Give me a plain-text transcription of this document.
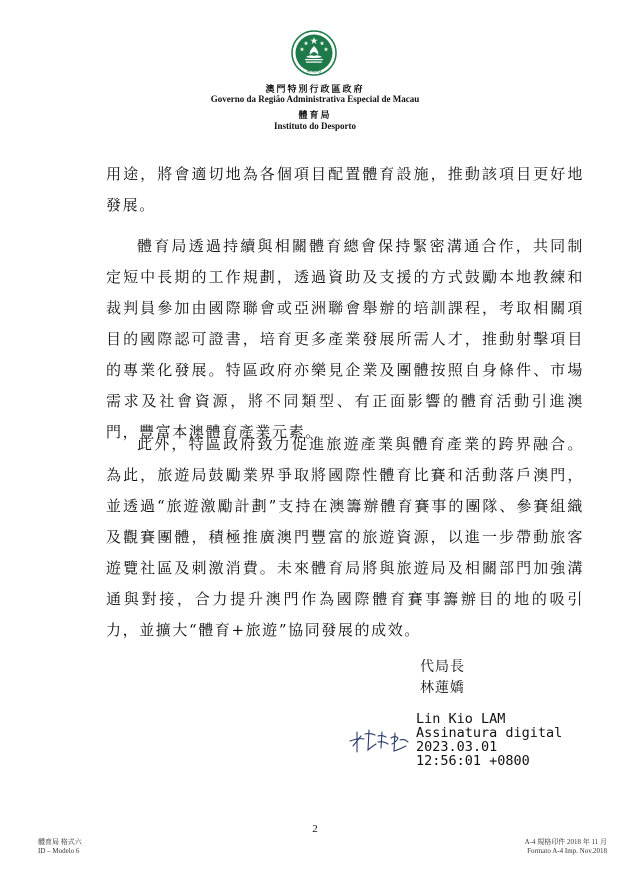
MACAU
澳門特別行政區政府
Governo da Região Administrativa Especial de Macau
體育局
Instituto do Desporto

用途，將會適切地為各個項目配置體育設施，推動該項目更好地發展。

體育局透過持續與相關體育總會保持緊密溝通合作，共同制定短中長期的工作規劃，透過資助及支援的方式鼓勵本地教練和裁判員參加由國際聯會或亞洲聯會舉辦的培訓課程，考取相關項目的國際認可證書，培育更多產業發展所需人才，推動射擊項目的專業化發展。特區政府亦樂見企業及團體按照自身條件、市場需求及社會資源，將不同類型、有正面影響的體育活動引進澳門，豐富本澳體育產業元素。

此外，特區政府致力促進旅遊產業與體育產業的跨界融合。為此，旅遊局鼓勵業界爭取將國際性體育比賽和活動落戶澳門，並透過“旅遊激勵計劃”支持在澳籌辦體育賽事的團隊、參賽組織及觀賽團體，積極推廣澳門豐富的旅遊資源，以進一步帶動旅客遊覽社區及刺激消費。未來體育局將與旅遊局及相關部門加強溝通與對接，合力提升澳門作為國際體育賽事籌辦目的地的吸引力，並擴大“體育+旅遊”協同發展的成效。

代局長
林蓮嬌
Lin Kio LAM
Assinatura digital
2023.03.01
12:56:01 +0800
2
體育局 格式六
ID – Modelo 6
A-4 規格印件 2018 年 11 月
Formato A-4 Imp. Nov.2018
